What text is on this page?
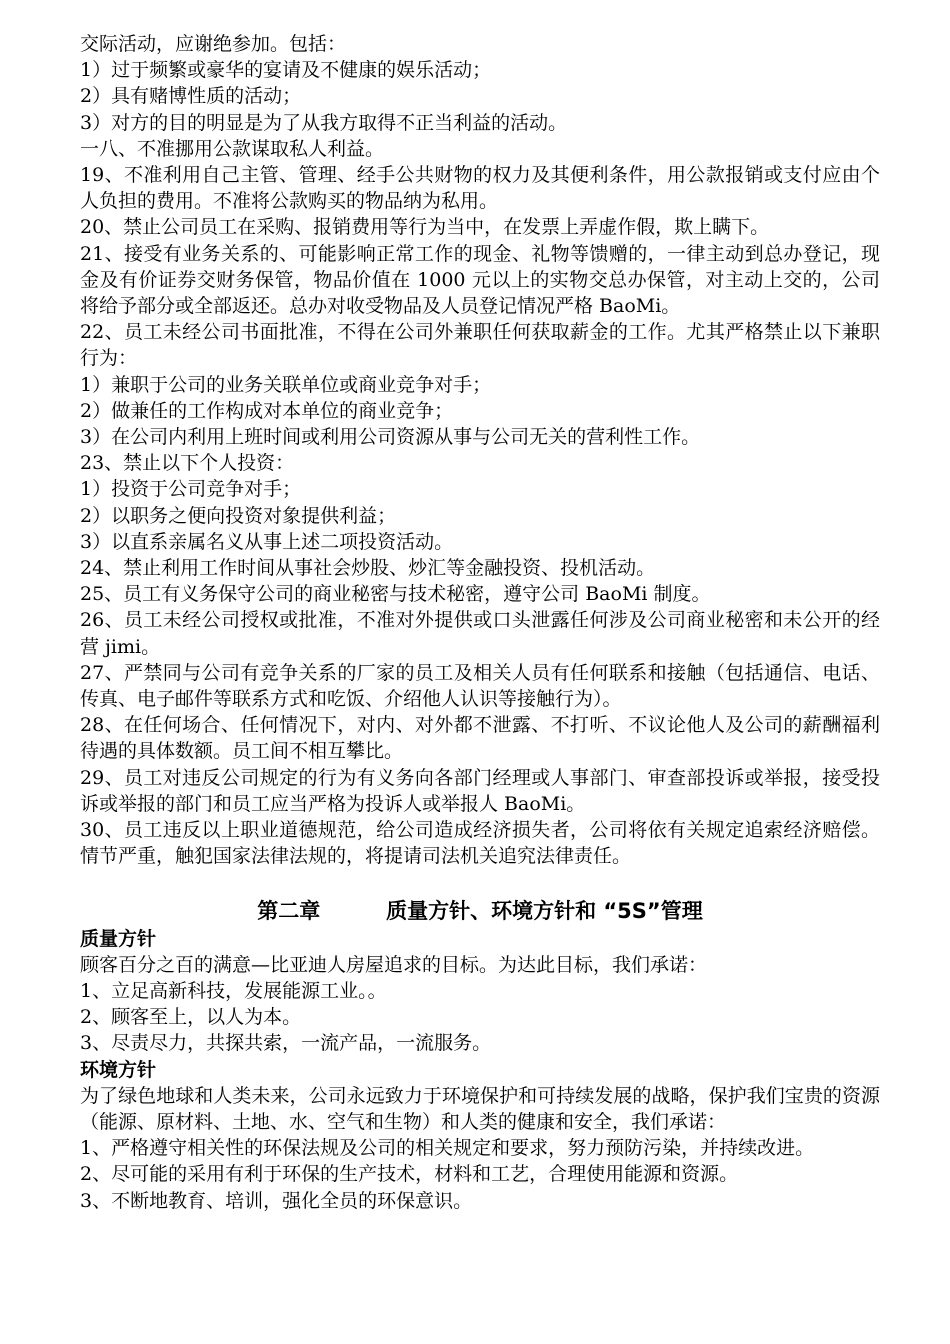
交际活动，应谢绝参加。包括：

1）过于频繁或豪华的宴请及不健康的娱乐活动；

2）具有赌博性质的活动；

3）对方的目的明显是为了从我方取得不正当利益的活动。

一八、不准挪用公款谋取私人利益。

19、不准利用自己主管、管理、经手公共财物的权力及其便利条件，用公款报销或支付应由个人负担的费用。不准将公款购买的物品纳为私用。

20、禁止公司员工在采购、报销费用等行为当中，在发票上弄虚作假，欺上瞒下。

21、接受有业务关系的、可能影响正常工作的现金、礼物等馈赠的，一律主动到总办登记，现金及有价证券交财务保管，物品价值在 1000 元以上的实物交总办保管，对主动上交的，公司将给予部分或全部返还。总办对收受物品及人员登记情况严格 BaoMi。

22、员工未经公司书面批准，不得在公司外兼职任何获取薪金的工作。尤其严格禁止以下兼职行为：

1）兼职于公司的业务关联单位或商业竞争对手；

2）做兼任的工作构成对本单位的商业竞争；

3）在公司内利用上班时间或利用公司资源从事与公司无关的营利性工作。

23、禁止以下个人投资：

1）投资于公司竞争对手；

2）以职务之便向投资对象提供利益；

3）以直系亲属名义从事上述二项投资活动。

24、禁止利用工作时间从事社会炒股、炒汇等金融投资、投机活动。

25、员工有义务保守公司的商业秘密与技术秘密，遵守公司 BaoMi 制度。

26、员工未经公司授权或批准，不准对外提供或口头泄露任何涉及公司商业秘密和未公开的经营 jimi。

27、严禁同与公司有竞争关系的厂家的员工及相关人员有任何联系和接触（包括通信、电话、传真、电子邮件等联系方式和吃饭、介绍他人认识等接触行为）。

28、在任何场合、任何情况下，对内、对外都不泄露、不打听、不议论他人及公司的薪酬福利待遇的具体数额。员工间不相互攀比。

29、员工对违反公司规定的行为有义务向各部门经理或人事部门、审查部投诉或举报，接受投诉或举报的部门和员工应当严格为投诉人或举报人 BaoMi。

30、员工违反以上职业道德规范，给公司造成经济损失者，公司将依有关规定追索经济赔偿。情节严重，触犯国家法律法规的，将提请司法机关追究法律责任。

第二章         质量方针、环境方针和 “5S”管理
质量方针

顾客百分之百的满意—比亚迪人房屋追求的目标。为达此目标，我们承诺：

1、立足高新科技，发展能源工业。。

2、顾客至上，以人为本。

3、尽责尽力，共探共索，一流产品，一流服务。

环境方针

为了绿色地球和人类未来，公司永远致力于环境保护和可持续发展的战略，保护我们宝贵的资源（能源、原材料、土地、水、空气和生物）和人类的健康和安全，我们承诺：

1、严格遵守相关性的环保法规及公司的相关规定和要求，努力预防污染，并持续改进。

2、尽可能的采用有利于环保的生产技术，材料和工艺，合理使用能源和资源。

3、不断地教育、培训，强化全员的环保意识。
